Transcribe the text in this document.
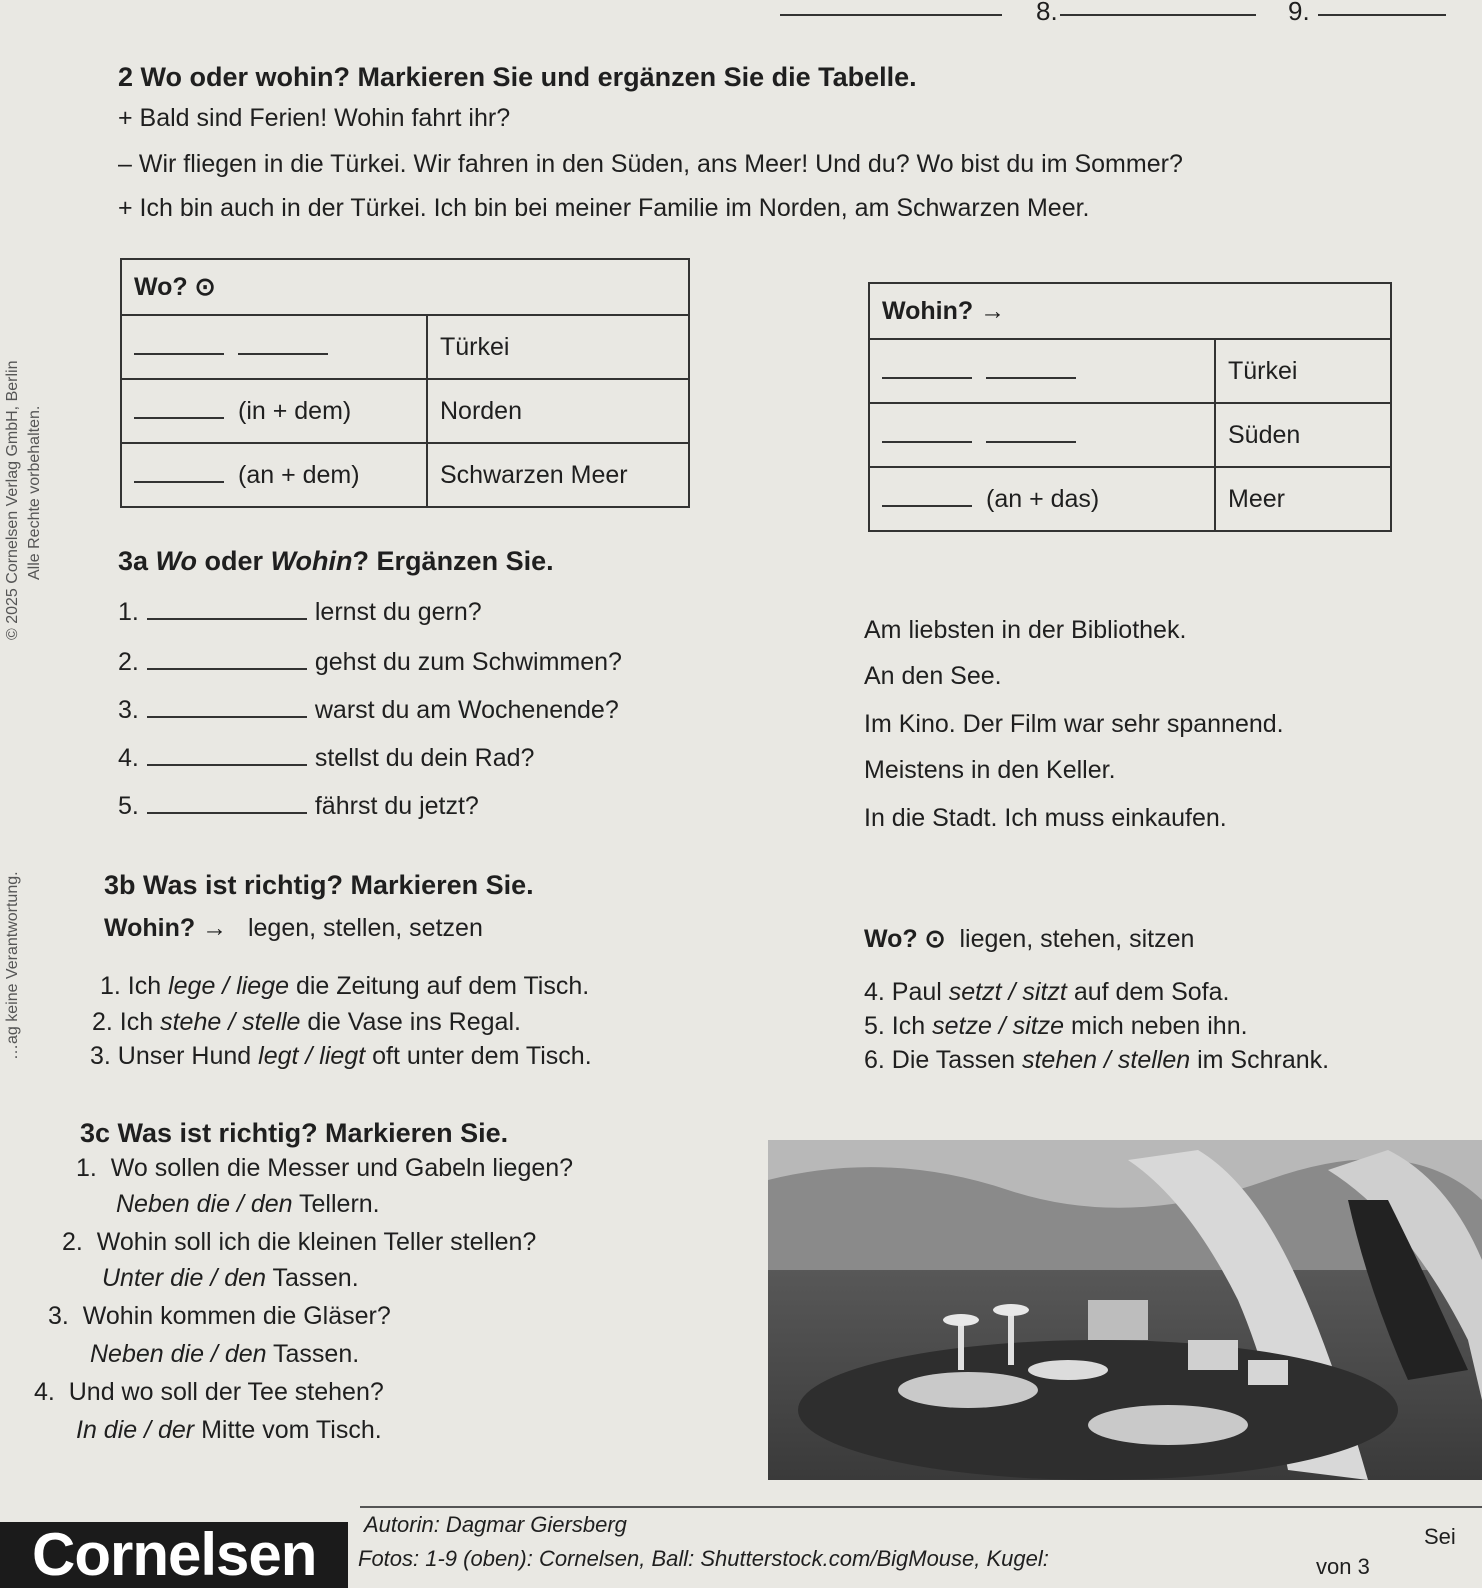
8.	9.
© 2025 Cornelsen Verlag GmbH, Berlin Alle Rechte vorbehalten.
…ag keine Verantwortung.
2 Wo oder wohin? Markieren Sie und ergänzen Sie die Tabelle.
+ Bald sind Ferien! Wohin fahrt ihr?
– Wir fliegen in die Türkei. Wir fahren in den Süden, ans Meer! Und du? Wo bist du im Sommer?
+ Ich bin auch in der Türkei. Ich bin bei meiner Familie im Norden, am Schwarzen Meer.
Wo? ⊙	
	Türkei
(in + dem)	Norden
(an + dem)	Schwarzen Meer
Wohin? →	
	Türkei
	Süden
(an + das)	Meer
3a Wo oder Wohin? Ergänzen Sie.
1.	lernst du gern?
Am liebsten in der Bibliothek.
2.	gehst du zum Schwimmen?	An den See.
3.	warst du am Wochenende?	Im Kino. Der Film war sehr spannend.
4.	stellst du dein Rad?	Meistens in den Keller.
5.	fährst du jetzt?	In die Stadt. Ich muss einkaufen.
3b Was ist richtig? Markieren Sie.
Wohin? → legen, stellen, setzen	Wo? ⊙ liegen, stehen, sitzen
1. Ich lege / liege die Zeitung auf dem Tisch.
2. Ich stehe / stelle die Vase ins Regal.
3. Unser Hund legt / liegt oft unter dem Tisch.
4. Paul setzt / sitzt auf dem Sofa.
5. Ich setze / sitze mich neben ihn.
6. Die Tassen stehen / stellen im Schrank.
3c Was ist richtig? Markieren Sie.
1.  Wo sollen die Messer und Gabeln liegen?
Neben die / den Tellern.
2.  Wohin soll ich die kleinen Teller stellen?
Unter die / den Tassen.
3.  Wohin kommen die Gläser?
Neben die / den Tassen.
4.  Und wo soll der Tee stehen?
In die / der Mitte vom Tisch.
Cornelsen	Autorin: Dagmar Giersberg
Fotos: 1-9 (oben): Cornelsen, Ball: Shutterstock.com/BigMouse, Kugel:
Sei
von 3
